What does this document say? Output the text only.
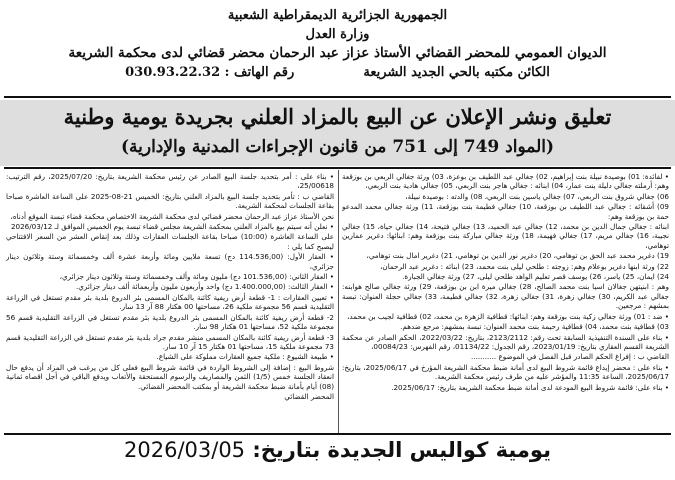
الجمهورية الجزائرية الديمقراطية الشعبية
وزارة العدل
الديوان العمومي للمحضر القضائي الأستاذ عزاز عبد الرحمان محضر قضائي لدى محكمة الشريعة
الكائن مكتبه بالحي الجديد الشريعة  رقم الهاتف : 030.93.22.32
تعليق ونشر الإعلان عن البيع بالمزاد العلني بجريدة يومية وطنية
(المواد 749 إلى 751 من قانون الإجراءات المدنية والإدارية)

• لفائدة: 01) بوصيدة نبيلة بنت إبراهيم، 02) جغالي عبد اللطيف بن بوعزة، 03) ورثة جغالي الربعي بن بوزقعة وهم: أرملته جغالي دليلة بنت عمار، 04) ابنائه : جغالي هاجر بنت الربعي، 05) جغالي هادية بنت الربعي،

06) جغالي شروق بنت الربعي، 07) جغالي ياسين بنت الربعي، 08) والدته : بوصيدة نبيلة،

09) أشقائه : جغالي عبد اللطيف بن بوزقعة، 10) جغالي فطيمة بنت بوزقعة، 11) ورثة جغالي محمد المدعو حمة بن بوزقعة وهم:

ابنائه : جغالي جمال الدين بن محمد، 12) جغالي عبد الحميد، 13) جغالي فتيحة، 14) جغالي حياة، 15) جغالي نجيبة، 16) جغالي مريم، 17) جغالي فهيمة، 18) ورثة جغالي مباركة بنت بوزقعة وهم: ابنائها: دغرير عمارين توهامي،

19) دغرير محمد عبد الحق بن توهامي، 20) دغرير نور الدين بن توهامي، 21) دغرير امال بنت توهامي،

22) ورثة ابنها دغرير بوعلام وهم: زوجته : طلحي ليلى بنت محمد، 23) ابنائه : دغرير عبد الرحمان،

24) ايمان، 25) ياسر، 26) يوسف قصر تعليم الواهد طلحي ليلى، 27) ورثة جغالي الجبارة.

وهم : ابنيتهن جغالان اسيا بنت محمد الصالح، 28) جغالي ميرة ابن بن بوزقعة، 29) ورثة جغالي صالح هوابنه: جغالي عبد الكريم، 30) جغالي زهرة، 31) جغالي زهرة، 32) جغالي فطيمة، 33) جغالي حجلة العنوان: تبسة بمشهم : مرجعين.

• ضد : 01) ورثة جغالي زكية بنت بوزقعة وهم: ابنائها: قطافية الزهرة بن محمد، 02) قطافية لجيب بن محمد،

03) قطافية بنت محمد، 04) قطافية رحيمة بنت محمد العنوان: تبسة بمشهم: مرجع ضدهم.

• بناء على السندة التنفيذية السابقة تحت رقم: 2123/2112، بتاريخ: 2022/03/22، الحكم الصادر عن محكمة الشريعة القسم العقاري بتاريخ: 2023/01/19، رقم الجدول: 01134/22، رقم الفهرس: 00084/23،

القاضي ب : إفراغ الحكم الصادر قبل الفصل في الموضوع ...........

• بناء على : محضر إيداع قائمة شروط البيع لدى أمانة ضبط محكمة الشريعة المؤرخ في 2025/06/17، بتاريخ: 2025/06/17، الساعة 11:35 والمؤشر عليه من طرف رئيس محكمة الشريعة.

• بناء على: قائمة شروط البيع المودعة لدى أمانة ضبط محكمة الشريعة بتاريخ: 2025/06/17.

• بناء على : أمر بتحديد جلسة البيع الصادر عن رئيس محكمة الشريعة بتاريخ: 2025/07/20، رقم الترتيب: 25/00618،

القاضي ب : تأمر بتحديد جلسة البيع بالمزاد العلني بتاريخ: الخميس 21-08-2025 على الساعة العاشرة صباحا بقاعة الجلسات لمحكمة الشريعة.

نحن الأستاذ عزاز عبد الرحمان محضر قضائي لدى محكمة الشريعة الاختصاص محكمة قضاء تبسة الموقع أدناه،

• نعلن أنه سيتم بيع بالمزاد العلني بمحكمة الشريعة مجلس قضاء تبسة يوم الخميس الموافق لـ 2026/03/12

على الساعة العاشرة (10:00) صباحا بقاعة الجلسات العقارات وذلك بعد إنقاص العشر من السعر الافتتاحي ليصبح كما يلي :

• العقار الأول: (114.536,00 دج) تسعة ملايين ومائة وأربعة عشرة ألف وخمسمائة وستة وثلاثون دينار جزائري،

• العقار الثاني: (101.536,00 دج) مليون ومائة وألف وخمسمائة وستة وثلاثون دينار جزائري،

• العقار الثالث: (1.400.000,00 دج) واحد وأربعون مليون وأربعمائة ألف دينار جزائري.

• تعيين العقارات : 1- قطعة أرض ريفية كائنة بالمكان المسمى بئر الدروع بلدية بئر مقدم تستغل في الزراعة التقليدية قسم 56 مجموعة ملكية 26، مساحتها 00 هكتار 88 آر 13 سار.

2- قطعة أرض ريفية كائنة بالمكان المسمى بئر الدروع بلدية بئر مقدم تستغل في الزراعة التقليدية قسم 56 مجموعة ملكية 52، مساحتها 01 هكتار 98 سار.

3- قطعة أرض ريفية كائنة بالمكان المسمى منشر مقدم جراد بلدية بئر مقدم تستغل في الزراعة التقليدية قسم 73 مجموعة ملكية 15، مساحتها 01 هكتار 15 آر 10 سار.

• طبيعة الشيوع : ملكية جميع العقارات مملوكة على الشياع.

شروط البيع : إضافة إلى الشروط الواردة في قائمة شروط البيع فعلى كل من يرغب في المزاد أن يدفع حال انعقاد الجلسة خمس (1/5) الثمن والمصاريف والرسوم المستحقة والأتعاب ويدفع الباقي في أجل اقصاه ثمانية (08) أيام بأمانة ضبط محكمة الشريعة أو بمكتب المحضر القضائي.

المحضر القضائي

يومية كواليس الجديدة بتاريخ: 2026/03/05
